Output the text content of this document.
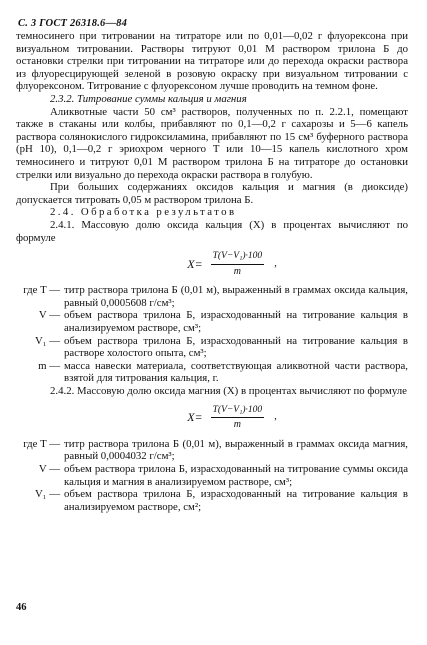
С. 3 ГОСТ 26318.6—84

темносинего при титровании на титраторе или по 0,01—0,02 г флуорексона при визуальном титровании. Растворы титруют 0,01 М раствором трилона Б до остановки стрелки при титровании на титраторе или до перехода окраски раствора из флуоресцирующей зеленой в розовую окраску при визуальном титровании с флуорексоном. Титрование с флуорексоном лучше проводить на темном фоне.

2.3.2. Титрование суммы кальция и магния

Аликвотные части 50 см³ растворов, полученных по п. 2.2.1, помещают также в стаканы или колбы, прибавляют по 0,1—0,2 г сахарозы и 5—6 капель раствора солянокислого гидроксиламина, прибавляют по 15 см³ буферного раствора (pH 10), 0,1—0,2 г эриохром черного Т или 10—15 капель кислотного хром темносинего и титруют 0,01 М раствором трилона Б на титраторе до остановки стрелки или визуально до перехода окраски раствора в голубую.

При больших содержаниях оксидов кальция и магния (в диоксиде) допускается титровать 0,05 м раствором трилона Б.

2.4. Обработка результатов

2.4.1. Массовую долю оксида кальция (X) в процентах вычисляют по формуле

$X= \frac{\text{T(V−V₁)·100}}{m}$ ,
где T — титр раствора трилона Б (0,01 м), выраженный в граммах оксида кальция, равный 0,0005608 г/см³;
V — объем раствора трилона Б, израсходованный на титрование кальция в анализируемом растворе, см³;
V₁ — объем раствора трилона Б, израсходованный на титрование кальция в растворе холостого опыта, см³;
m — масса навески материала, соответствующая аликвотной части раствора, взятой для титрования кальция, г.

2.4.2. Массовую долю оксида магния (X) в процентах вычисляют по формуле

$X= \frac{\text{T(V−V₁)·100}}{m}$ ,
где T — титр раствора трилона Б (0,01 м), выраженный в граммах оксида магния, равный 0,0004032 г/см³;
V — объем раствора трилона Б, израсходованный на титрование суммы оксида кальция и магния в анализируемом растворе, см³;
V₁ — объем раствора трилона Б, израсходованный на титрование кальция в анализируемом растворе, см²;
46
